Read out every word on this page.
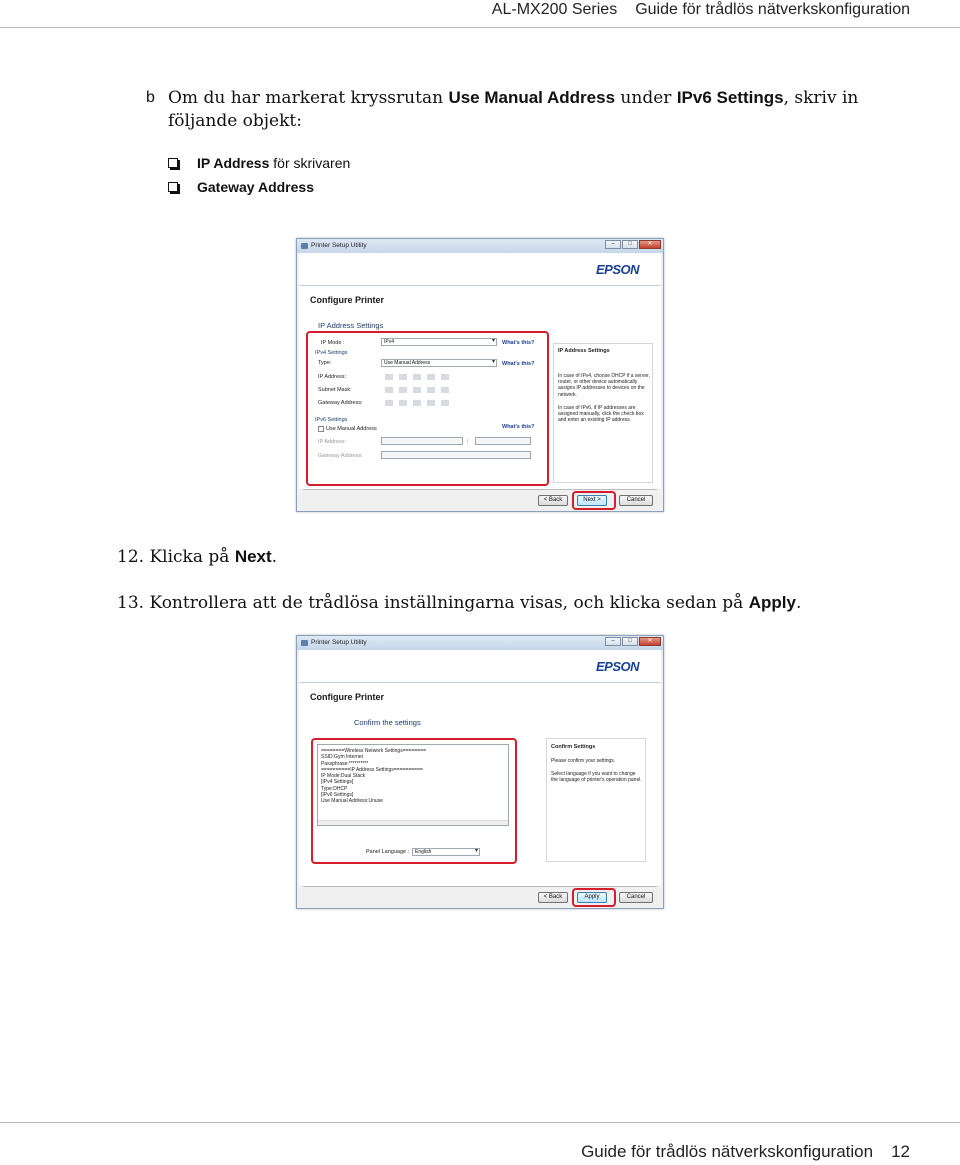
AL-MX200 Series Guide för trådlös nätverkskonfiguration
b Om du har markerat kryssrutan Use Manual Address under IPv6 Settings, skriv in följande objekt:
IP Address för skrivaren
Gateway Address
Printer Setup Utility	–	□	✕
EPSON
Configure Printer
IP Address Settings
IP Mode :	IPv4 ▾	What's this?
IPv4 Settings
Type:	Use Manual Address ▾	What's this?
IP Address:
Subnet Mask:
Gateway Address:
IPv6 Settings
Use Manual Address	What's this?
IP Address:	/
Gateway Address:
IP Address Settings

In case of IPv4, choose DHCP if a server, router, or other device automatically assigns IP addresses to devices on the network.

In case of IPv6, if IP addresses are assigned manually, click the check box and enter an existing IP address.

< Back	Next >	Cancel
12. Klicka på Next.
13. Kontrollera att de trådlösa inställningarna visas, och klicka sedan på Apply.
Printer Setup Utility	–	□	✕
EPSON
Configure Printer
Confirm the settings
========Wireless Network Settings========
SSID:Gym Internet
Passphrase:**********
==========IP Address Settings==========
IP Mode:Dual Stack
[IPv4 Settings]
Type:DHCP
[IPv6 Settings]
Use Manual Address:Unuse
Panel Language :	English ▾
Confirm Settings

Please confirm your settings.

Select language if you want to change the language of printer's operation panel.

< Back	Apply	Cancel
Guide för trådlös nätverkskonfiguration 12
